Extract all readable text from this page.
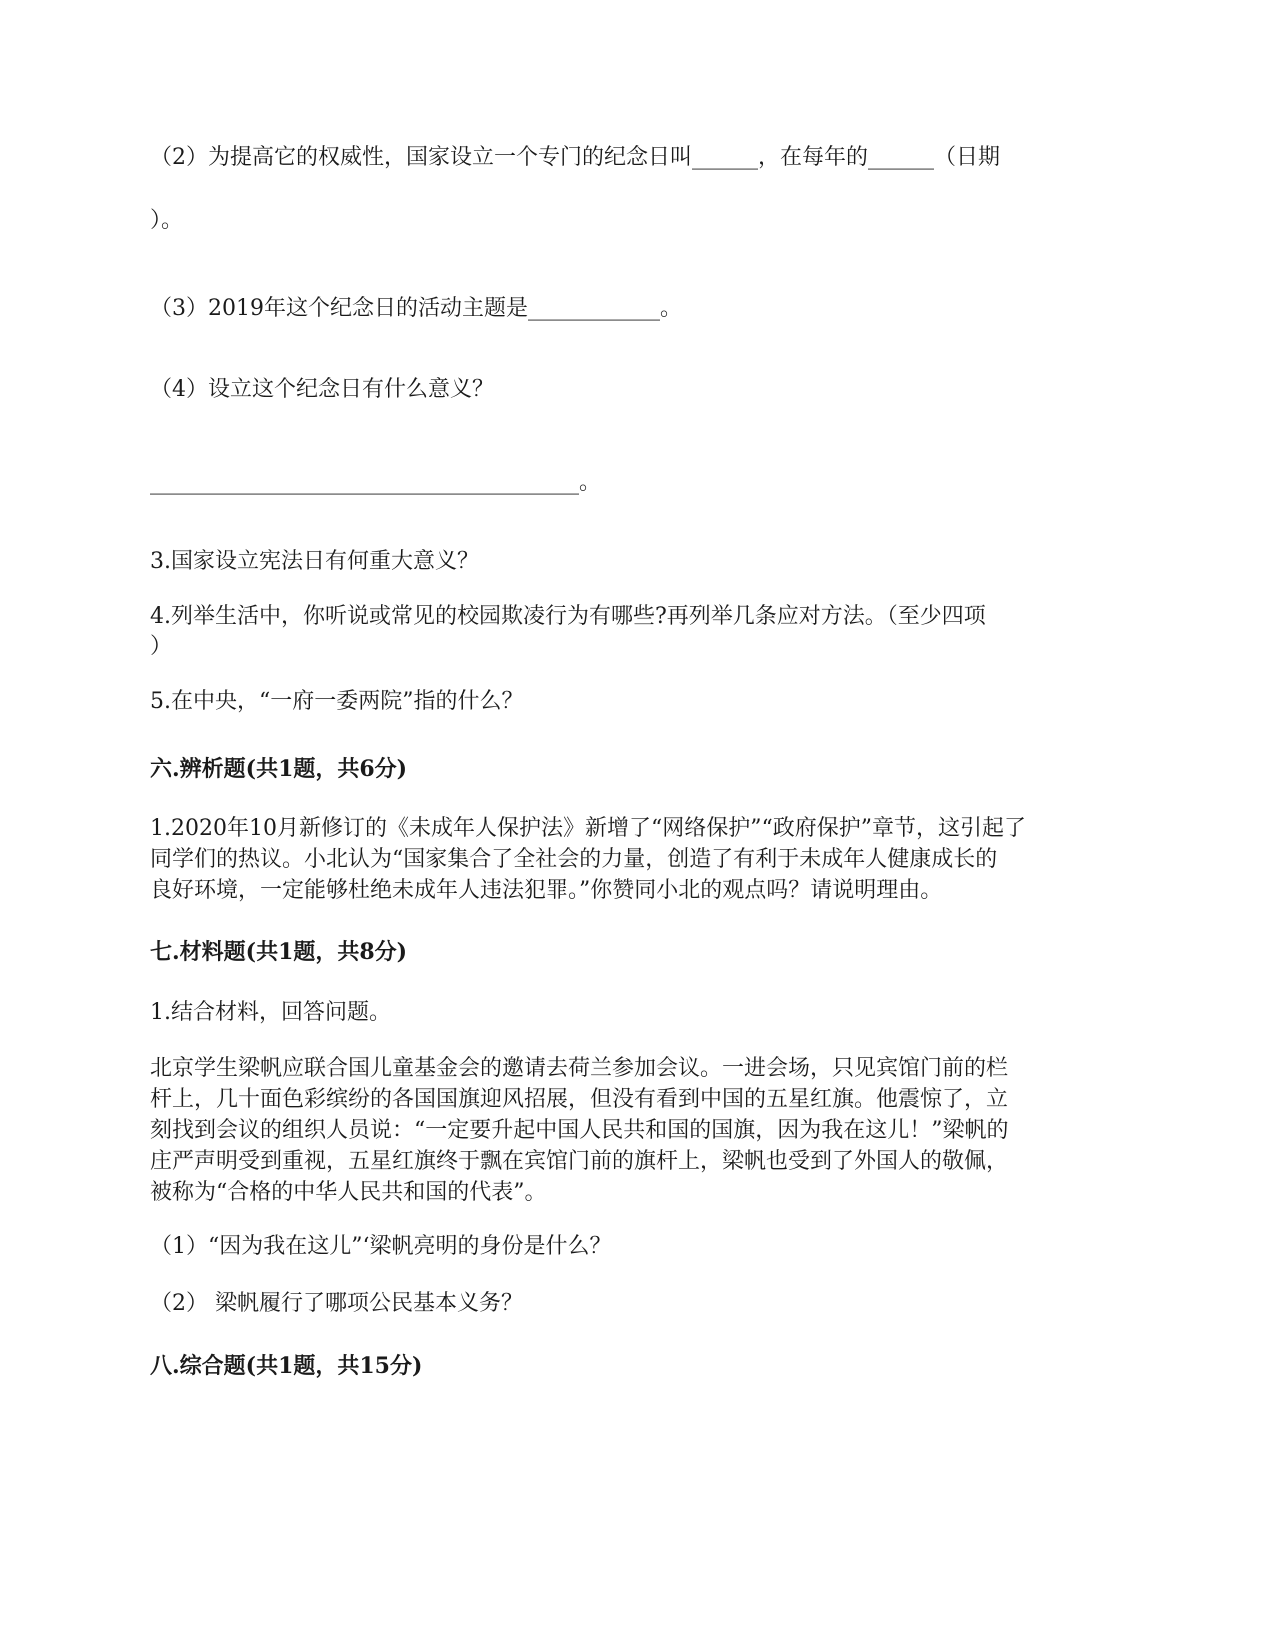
（2）为提高它的权威性，国家设立一个专门的纪念日叫______，在每年的______（日期
）。
（3）2019年这个纪念日的活动主题是____________。
（4）设立这个纪念日有什么意义？
_______________________________________。
3.国家设立宪法日有何重大意义？
4.列举生活中，你听说或常见的校园欺凌行为有哪些?再列举几条应对方法。（至少四项
）
5.在中央，“一府一委两院”指的什么？
六.辨析题(共1题，共6分)
1.2020年10月新修订的《未成年人保护法》新增了“网络保护”“政府保护”章节，这引起了
同学们的热议。小北认为“国家集合了全社会的力量，创造了有利于未成年人健康成长的
良好环境，一定能够杜绝未成年人违法犯罪。”你赞同小北的观点吗？请说明理由。
七.材料题(共1题，共8分)
1.结合材料，回答问题。
北京学生梁帆应联合国儿童基金会的邀请去荷兰参加会议。一进会场，只见宾馆门前的栏
杆上，几十面色彩缤纷的各国国旗迎风招展，但没有看到中国的五星红旗。他震惊了，立
刻找到会议的组织人员说：“一定要升起中国人民共和国的国旗，因为我在这儿！”梁帆的
庄严声明受到重视，五星红旗终于飘在宾馆门前的旗杆上，梁帆也受到了外国人的敬佩，
被称为“合格的中华人民共和国的代表”。
（1）“因为我在这儿”‘梁帆亮明的身份是什么？
（2） 梁帆履行了哪项公民基本义务？
八.综合题(共1题，共15分)
